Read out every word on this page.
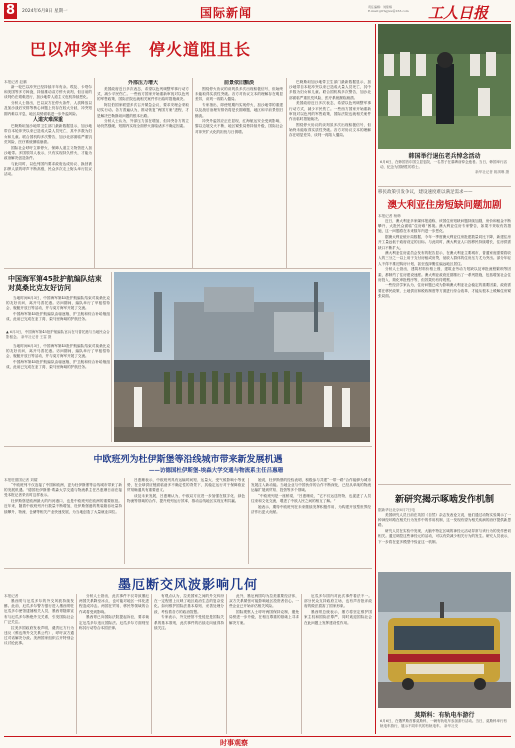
8	2024年6月8日 星期一	国际新闻	责任编辑：刘紫嫣
E-mail:grrbgjxw@163.com 工人日报
巴以冲突半年　停火道阻且长
本报记者 赵鹏

新一轮巴以冲突已经持续半年有余。埃及、卡塔尔和美国等多方斡旋，持续推动双方停火谈判，但目前的谈判仍在艰难进行，加沙地带人道主义危机持续恶化。

分析人士指出，巴以双方在停火条件、人质释放以及加沙战后安排等核心问题上仍存在较大分歧，冲突短期内难以平息，地区局势面临进一步外溢风险。

人道灾难深重

巴勒斯坦加沙地带卫生部门最新数据显示，加沙地带自本轮冲突以来已造成大量人员死亡，其中多数为妇女和儿童。联合国机构多次警告，加沙北部面临严重饥荒风险，医疗系统濒临崩溃。

国际社会呼吁立即停火、保障人道主义物资进入加沙地带。多国领导人表示，只有实现持久停火，才能为政治解决创造条件。

与此同时，以色列国内要求政府达成协议、换回被扣押人质的呼声不断高涨，民众多次走上街头举行抗议活动。

外部压力增大

美国政府近日多次表态，希望以色列调整军事行动方式，减少平民伤亡。一些西方国家开始重新审视对以色列的军售政策，国际法院也就相关案件作出临时措施裁决。

阿拉伯国家联盟多次召开紧急会议，要求安理会采取切实行动。各方普遍认为，推动恢复“两国方案”进程，才是解决巴勒斯坦问题的根本出路。

分析人士认为，外部压力虽在增加，但冲突各方的立场仍然强硬，短期内实现全面停火面临诸多不确定因素。

前景依旧黯淡

围绕停火协议的谈判虽多次出现积极信号，但始终未能取得实质性突破。各方对协议文本的理解存在明显差异，谈判一再陷入僵局。

专家指出，即使短期内实现停火，加沙地带的重建以及战后治理安排仍将是长期难题，地区和平前景依旧黯淡。

冲突外溢效应正在显现，红海航运安全受到影响，黎以边境交火不断，地区紧张局势持续升级，国际社会对冲突扩大化的担忧与日俱增。

巴勒斯坦加沙地带卫生部门最新数据显示，加沙地带自本轮冲突以来已造成大量人员死亡，其中多数为妇女和儿童。联合国机构多次警告，加沙北部面临严重饥荒风险，医疗系统濒临崩溃。

美国政府近日多次表态，希望以色列调整军事行动方式，减少平民伤亡。一些西方国家开始重新审视对以色列的军售政策，国际法院也就相关案件作出临时措施裁决。

围绕停火协议的谈判虽多次出现积极信号，但始终未能取得实质性突破。各方对协议文本的理解存在明显差异，谈判一再陷入僵局。

中国海军第45批护航编队结束对莫桑比克友好访问

当地时间6月3日，中国海军第45批护航编队结束对莫桑比克的友好访问，离开马普托港。访问期间，编队举行了甲板招待会、舰艇开放日等活动，并与莫方海军开展了交流。

中国海军第45批护航编队由驱逐舰、护卫舰和综合补给舰组成，此前已完成在亚丁湾、索马里海域的护航任务。

▲ 6月3日，中国海军第45批护航编队官兵在马普托港与当地民众合影留念。 新华社记者 王雷 摄

当地时间6月3日，中国海军第45批护航编队结束对莫桑比克的友好访问，离开马普托港。访问期间，编队举行了甲板招待会、舰艇开放日等活动，并与莫方海军开展了交流。

中国海军第45批护航编队由驱逐舰、护卫舰和综合补给舰组成，此前已完成在亚丁湾、索马里海域的护航任务。

中欧班列为杜伊斯堡等沿线城市带来新发展机遇
——访德国杜伊斯堡-埃森大学交通与物流系主任吕惠珊
本报驻德国记者 刘耀

“中欧班列不仅连接了中国和欧洲，更为杜伊斯堡等沿线城市带来了新的发展机遇。”德国杜伊斯堡-埃森大学交通与物流系主任吕惠珊日前在接受本报记者采访时这样表示。

杜伊斯堡是欧洲最大的内河港口，也是中欧班列在欧洲的重要枢纽。近年来，随着中欧班列开行数量不断增加，杜伊斯堡港的集装箱吞吐量持续攀升，物流、仓储等相关产业快速发展，为当地创造了大量就业岗位。

吕惠珊表示，中欧班列具有运输时间短、运量大、受气候影响小等优势，在全球供应链面临诸多不确定性的背景下，其稳定运行对于保障欧亚贸易畅通具有重要意义。

谈及未来发展，吕惠珊认为，中欧双方应进一步加强在数字化、绿色物流等领域的合作，提升班列运行效率，推动沿线地区实现互利共赢。

她说，杜伊斯堡的经验表明，积极参与共建“一带一路”合作能够为城市发展注入新动能。当地企业与中国伙伴的合作不断深化，已经从单纯的物流运输扩展到贸易、投资等多个领域。

“中欧班列是一座桥梁，”吕惠珊说，“它不仅运送货物，也促进了人员往来和文化交流，增进了中欧人民之间的相互了解。”

她表示，期待中欧班列在未来继续发挥积极作用，为构建开放型世界经济作出更大贡献。

墨厄断交风波影响几何
本报记者

墨西哥与厄瓜多尔的外交风波持续发酵。此前，厄瓜多尔警方强行进入墨西哥驻厄瓜多尔使馆逮捕相关人员，墨西哥随即宣布与厄瓜多尔断绝外交关系，引发国际社会广泛关注。

拉美多国政府发表声明，谴责厄方行为违反《维也纳外交关系公约》，呼吁双方通过对话解决分歧。美洲国家组织召开特别会议讨论此事。

分析人士指出，此次事件不仅导致墨厄两国关系降至冰点，也可能对地区一体化进程造成冲击。两国在贸易、移民等领域的合作或将受到影响。

墨西哥已向国际法院提起诉讼，要求裁定厄瓜多尔违反国际法。厄瓜多尔方面则坚称其行动符合本国法律。

有观点认为，拉美国家之间的外交纠纷在一定程度上反映了地区政治生态的复杂变化。如何维护国际法基本原则、妥善处理分歧，考验着各方的政治智慧。

专家表示，外交使馆不受侵犯是国际关系的基本准则，此次事件的后续走向值得持续关注。

此外，墨厄两国均为拉美重要经济体，双方关系紧张可能影响地区投资者信心。一些企业已开始评估相关风险。

国际观察人士呼吁两国保持克制，避免局势进一步升级，在相互尊重的基础上寻求解决方案。

厄瓜多尔国内对此次事件看法不一。部分民众支持政府立场，也有声音批评政府的做法损害了国家形象。

墨西哥总统表示，墨方将坚定维护国家主权和国际法尊严，同时欢迎国际社会在此问题上发挥建设性作用。

韩国举行退伍老兵悼念活动
6月6日，在韩国首尔国立显忠院，一名男子在墓碑前悼念逝者。当日，韩国举行活动，纪念为国牺牲的将士。
新华社记者 姚琪琳 摄
移民政策引发争议，建设速度难以满足需求——
澳大利亚住房短缺问题加剧
本报记者 杨韩

近日，澳大利亚多家媒体报道称，该国住房短缺问题持续加剧，房价和租金不断攀升，大批民众面临“住房难”困境。澳大利亚住房专家警告，如果不采取有效措施，这一问题将在未来数年内进一步恶化。

据澳大利亚统计局数据，今年一季度澳大利亚住房批建数量同比下降，新建住房开工量远低于政府设定的目标。与此同时，澳大利亚人口因移民持续增长，住房供需缺口不断扩大。

澳大利亚住房委员会发布的报告显示，在澳大利亚主要城市，普通家庭需要将收入的三分之一以上用于支付房租或房贷，低收入群体的住房压力尤为突出。部分年轻人不得不推迟购房计划，甚至选择搬往偏远地区居住。

分析人士指出，建筑材料价格上涨、建筑业劳动力短缺以及审批流程繁琐等因素，都制约了住房建设速度。澳大利亚政府近期推出了一系列措施，包括增加社会住房投入、简化审批程序等，但效果仍有待观察。

一些经济学家认为，住房问题已成为影响澳大利亚社会稳定的重要因素，政府需要在移民政策、土地供应和税收制度等方面进行综合改革，才能从根本上缓解住房紧张局面。

新研究揭示啄啮发作机制
据新华社北京6月7日电

美国研究人员日前在英国《自然》杂志发表论文说，他们通过动物实验揭示了一种神经环路在相关行为发作中的作用机制，这一发现有望为相关疾病的治疗提供新思路。

研究人员在实验中发现，大脑中特定区域的神经元活动异常与该行为的发作密切相关。通过调控这些神经元的活动，可以有效减少相关行为的发生。研究人员表示，下一步将在更多模型中验证这一机制。

莫斯科：有轨电车游行
6月6日，在俄罗斯首都莫斯科，一辆有轨电车参加游行活动。当日，莫斯科举行有轨电车游行，展示不同年代的有轨电车。 新华社发
时事观察
